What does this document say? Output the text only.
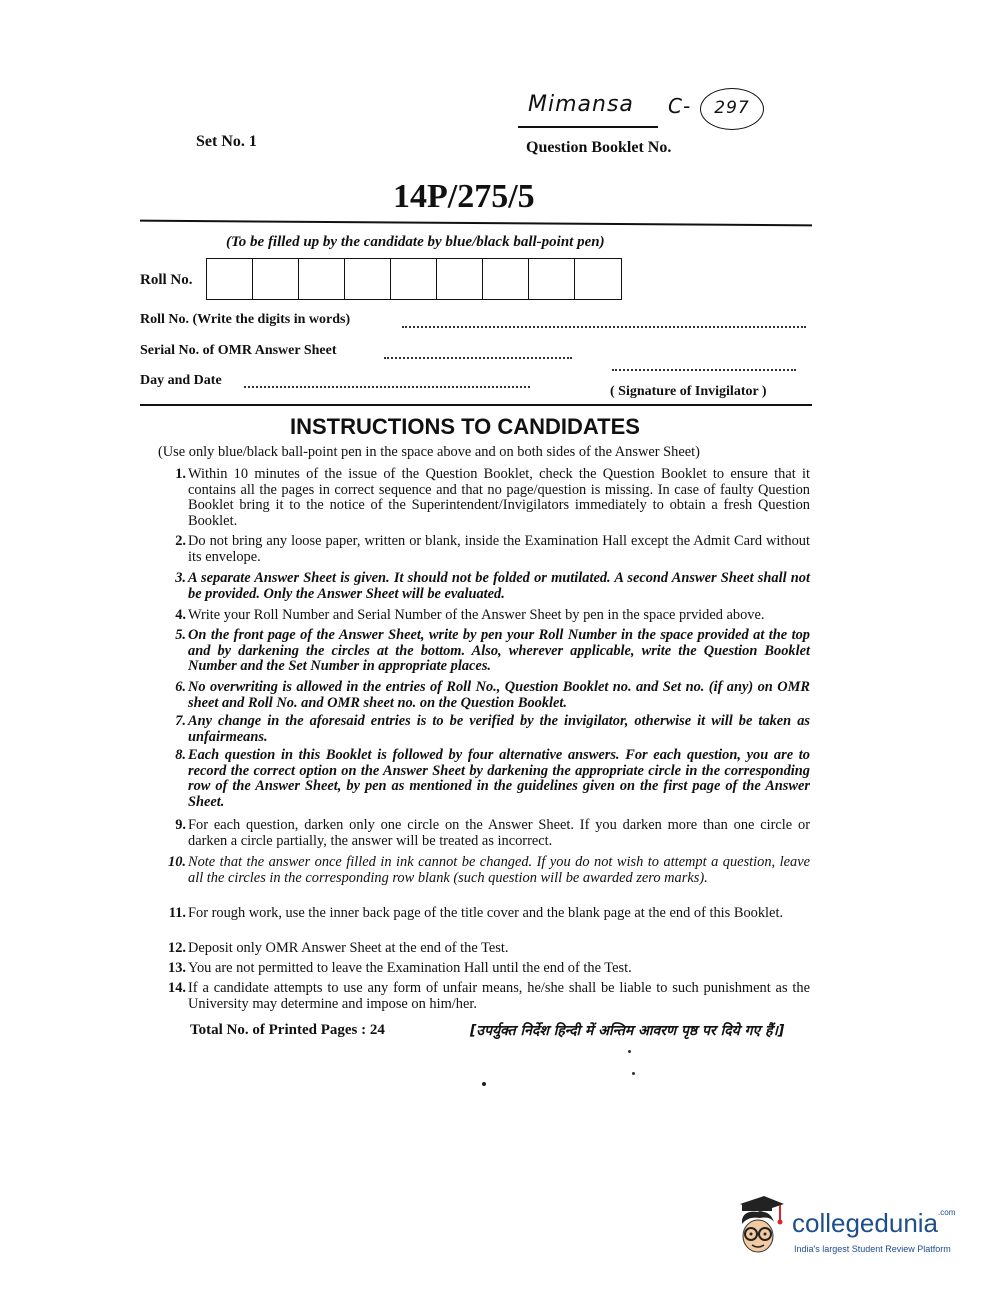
Mimansa C-	297
Set No. 1	Question Booklet No.
14P/275/5
(To be filled up by the candidate by blue/black ball-point pen)
Roll No.
Roll No. (Write the digits in words)
Serial No. of OMR Answer Sheet
Day and Date
( Signature of Invigilator )
INSTRUCTIONS TO CANDIDATES
(Use only blue/black ball-point pen in the space above and on both sides of the Answer Sheet)
1. Within 10 minutes of the issue of the Question Booklet, check the Question Booklet to ensure that it contains all the pages in correct sequence and that no page/question is missing. In case of faulty Question Booklet bring it to the notice of the Superintendent/Invigilators immediately to obtain a fresh Question Booklet.
2. Do not bring any loose paper, written or blank, inside the Examination Hall except the Admit Card without its envelope.
3. A separate Answer Sheet is given. It should not be folded or mutilated. A second Answer Sheet shall not be provided. Only the Answer Sheet will be evaluated.
4. Write your Roll Number and Serial Number of the Answer Sheet by pen in the space prvided above.
5. On the front page of the Answer Sheet, write by pen your Roll Number in the space provided at the top and by darkening the circles at the bottom. Also, wherever applicable, write the Question Booklet Number and the Set Number in appropriate places.
6. No overwriting is allowed in the entries of Roll No., Question Booklet no. and Set no. (if any) on OMR sheet and Roll No. and OMR sheet no. on the Question Booklet.
7. Any change in the aforesaid entries is to be verified by the invigilator, otherwise it will be taken as unfairmeans.
8. Each question in this Booklet is followed by four alternative answers. For each question, you are to record the correct option on the Answer Sheet by darkening the appropriate circle in the corresponding row of the Answer Sheet, by pen as mentioned in the guidelines given on the first page of the Answer Sheet.
9. For each question, darken only one circle on the Answer Sheet. If you darken more than one circle or darken a circle partially, the answer will be treated as incorrect.
10. Note that the answer once filled in ink cannot be changed. If you do not wish to attempt a question, leave all the circles in the corresponding row blank (such question will be awarded zero marks).
11. For rough work, use the inner back page of the title cover and the blank page at the end of this Booklet.
12. Deposit only OMR Answer Sheet at the end of the Test.
13. You are not permitted to leave the Examination Hall until the end of the Test.
14. If a candidate attempts to use any form of unfair means, he/she shall be liable to such punishment as the University may determine and impose on him/her.
Total No. of Printed Pages : 24	[उपर्युक्त निर्देश हिन्दी में अन्तिम आवरण पृष्ठ पर दिये गए हैं।]
collegedunia$^{.com}$
India's largest Student Review Platform
